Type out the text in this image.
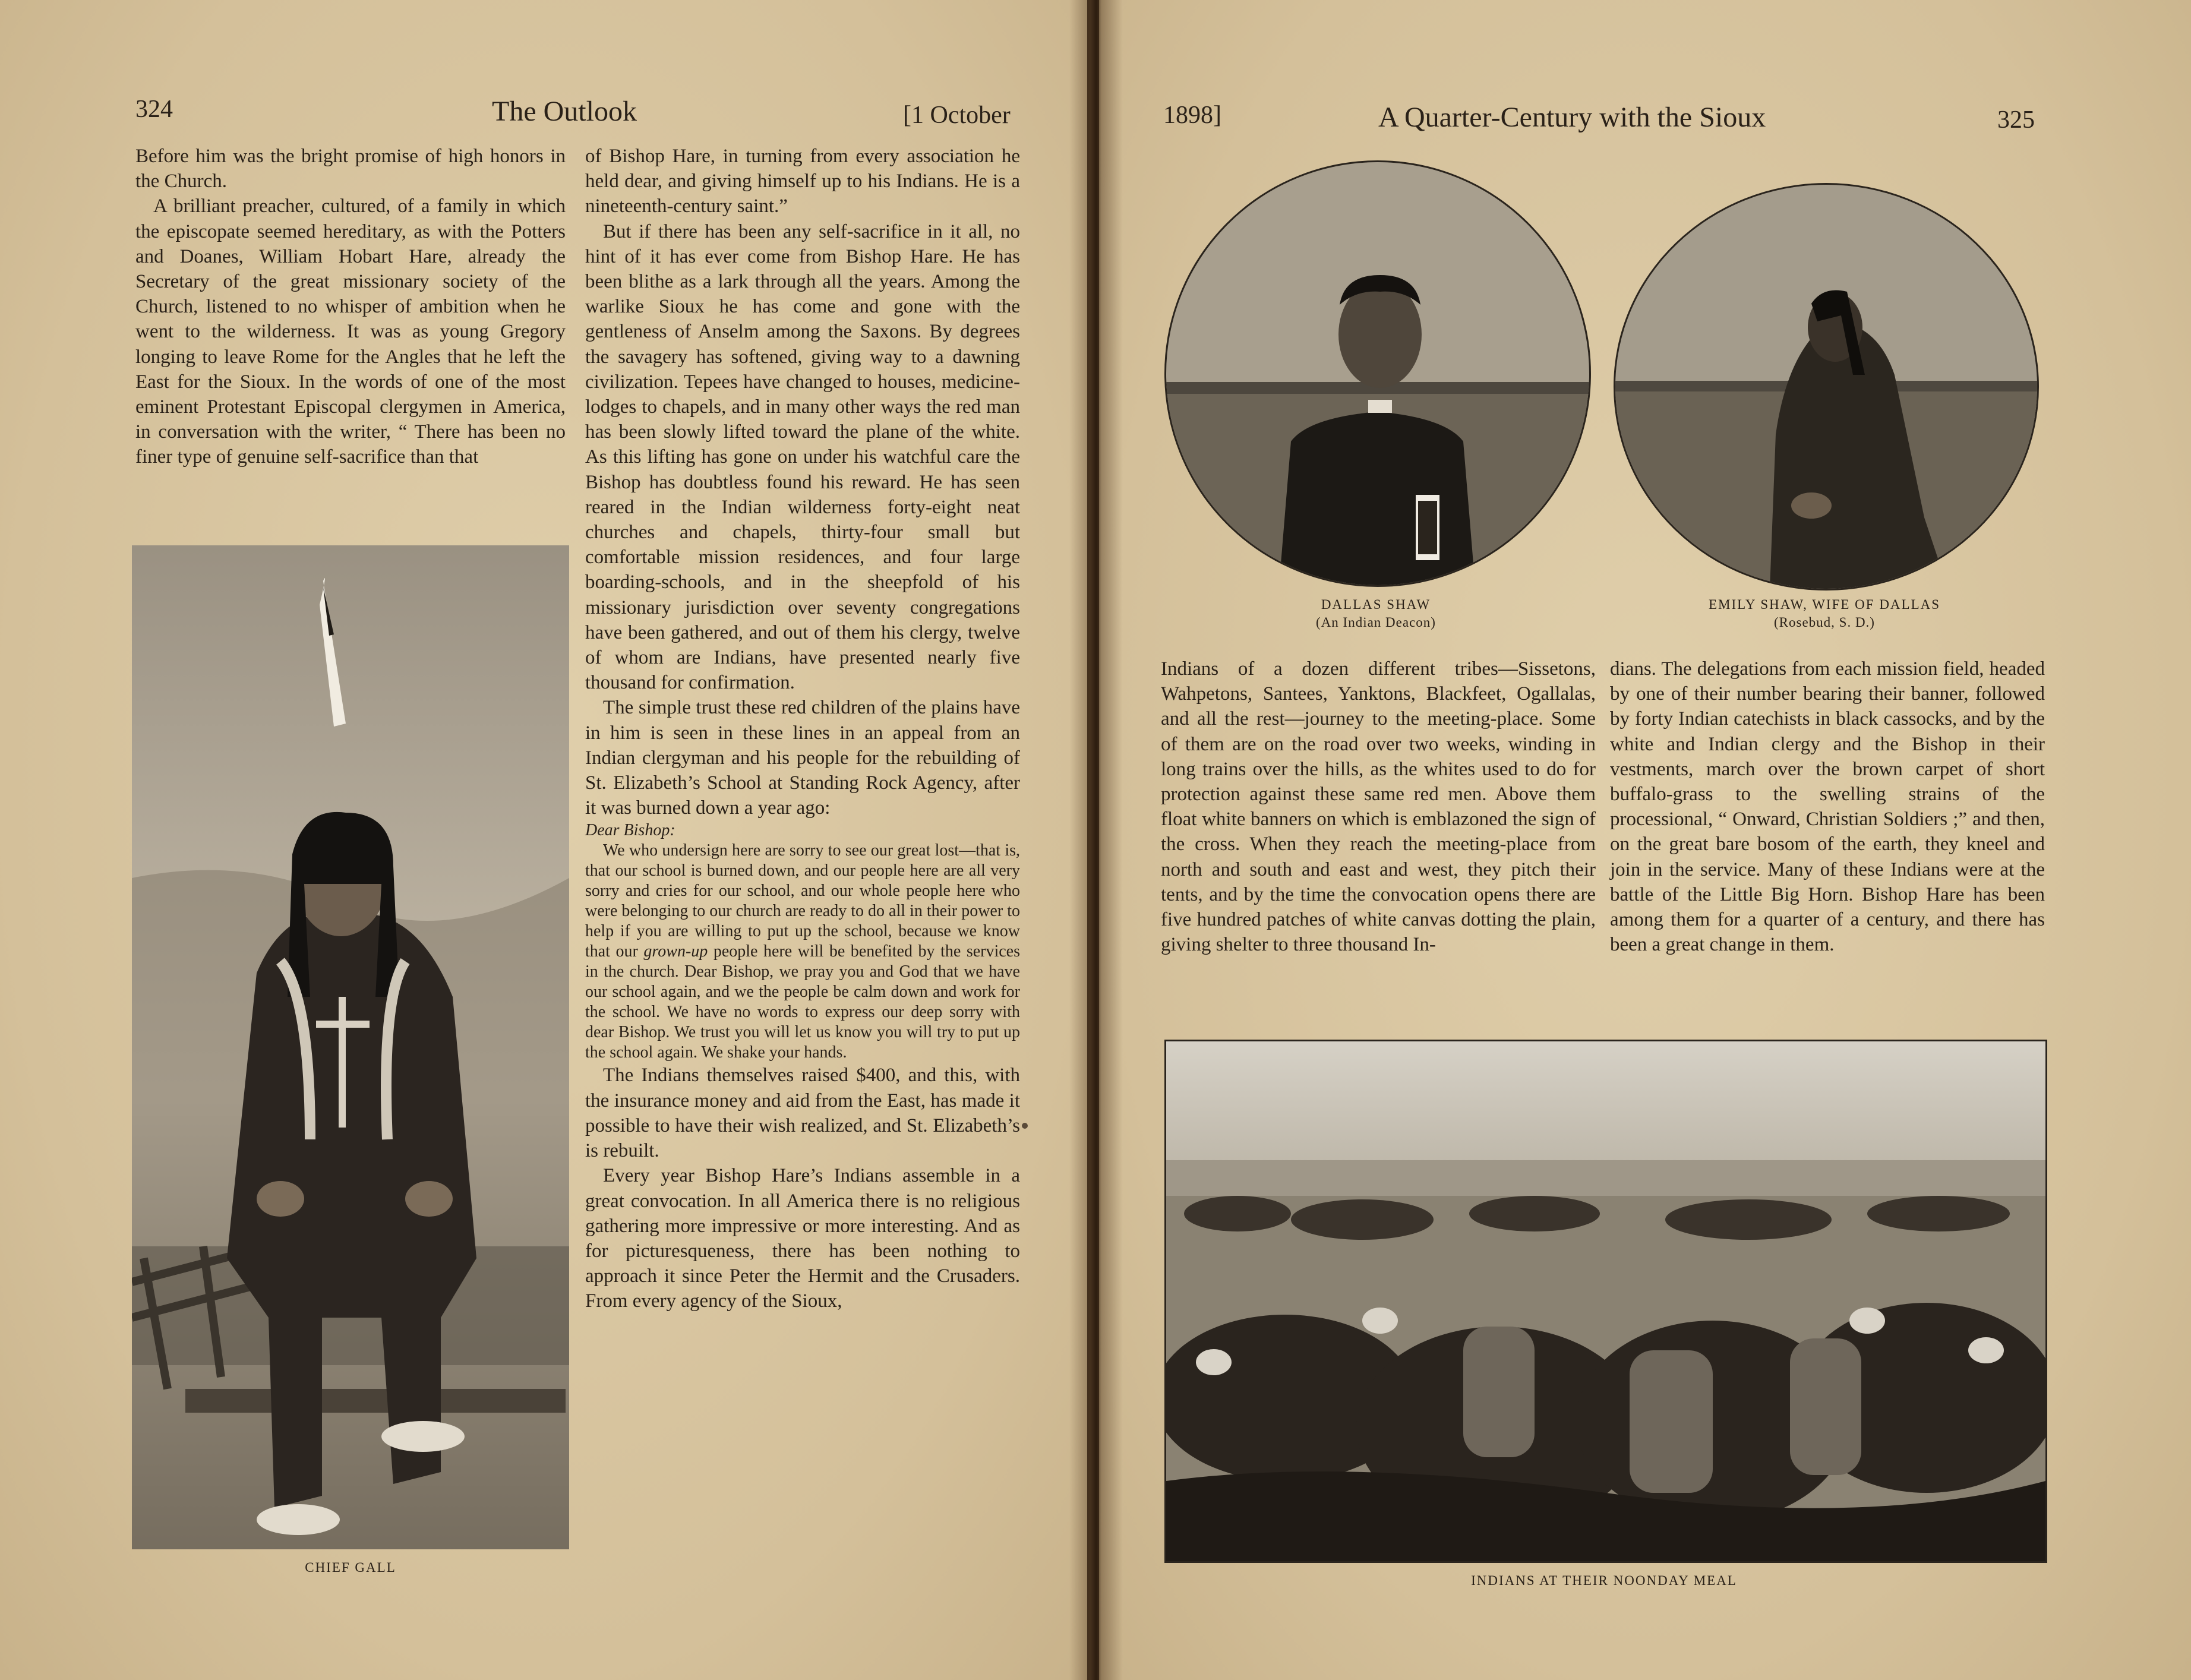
324	The Outlook	[1 October

Before him was the bright promise of high honors in the Church.

A brilliant preacher, cultured, of a family in which the episcopate seemed hereditary, as with the Potters and Doanes, William Hobart Hare, already the Secretary of the great missionary society of the Church, listened to no whisper of ambition when he went to the wilderness. It was as young Gregory longing to leave Rome for the Angles that he left the East for the Sioux. In the words of one of the most eminent Protestant Episcopal clergymen in America, in conversation with the writer, “ There has been no finer type of genuine self-sacrifice than that

CHIEF GALL

of Bishop Hare, in turning from every association he held dear, and giving himself up to his Indians. He is a nineteenth-century saint.”

But if there has been any self-sacrifice in it all, no hint of it has ever come from Bishop Hare. He has been blithe as a lark through all the years. Among the warlike Sioux he has come and gone with the gentleness of Anselm among the Saxons. By degrees the savagery has softened, giving way to a dawning civilization. Tepees have changed to houses, medicine-lodges to chapels, and in many other ways the red man has been slowly lifted toward the plane of the white. As this lifting has gone on under his watchful care the Bishop has doubtless found his reward. He has seen reared in the Indian wilderness forty-eight neat churches and chapels, thirty-four small but comfortable mission residences, and four large boarding-schools, and in the sheepfold of his missionary jurisdiction over seventy congregations have been gathered, and out of them his clergy, twelve of whom are Indians, have presented nearly five thousand for confirmation.

The simple trust these red children of the plains have in him is seen in these lines in an appeal from an Indian clergyman and his people for the rebuilding of St. Elizabeth’s School at Standing Rock Agency, after it was burned down a year ago:

Dear Bishop:

We who undersign here are sorry to see our great lost—that is, that our school is burned down, and our people here are all very sorry and cries for our school, and our whole people here who were belonging to our church are ready to do all in their power to help if you are willing to put up the school, because we know that our grown-up people here will be benefited by the services in the church. Dear Bishop, we pray you and God that we have our school again, and we the people be calm down and work for the school. We have no words to express our deep sorry with dear Bishop. We trust you will let us know you will try to put up the school again. We shake your hands.

The Indians themselves raised $400, and this, with the insurance money and aid from the East, has made it possible to have their wish realized, and St. Elizabeth’s is rebuilt.

Every year Bishop Hare’s Indians assemble in a great convocation. In all America there is no religious gathering more impressive or more interesting. And as for picturesqueness, there has been nothing to approach it since Peter the Hermit and the Crusaders. From every agency of the Sioux,

1898]	A Quarter-Century with the Sioux	325
DALLAS SHAW
(An Indian Deacon)
EMILY SHAW, WIFE OF DALLAS
(Rosebud, S. D.)

Indians of a dozen different tribes—Sissetons, Wahpetons, Santees, Yanktons, Blackfeet, Ogallalas, and all the rest—journey to the meeting-place. Some of them are on the road over two weeks, winding in long trains over the hills, as the whites used to do for protection against these same red men. Above them float white banners on which is emblazoned the sign of the cross. When they reach the meeting-place from north and south and east and west, they pitch their tents, and by the time the convocation opens there are five hundred patches of white canvas dotting the plain, giving shelter to three thousand In-

dians. The delegations from each mission field, headed by one of their number bearing their banner, followed by forty Indian catechists in black cassocks, and by the white and Indian clergy and the Bishop in their vestments, march over the brown carpet of short buffalo-grass to the swelling strains of the processional, “ Onward, Christian Soldiers ;” and then, on the great bare bosom of the earth, they kneel and join in the service. Many of these Indians were at the battle of the Little Big Horn. Bishop Hare has been among them for a quarter of a century, and there has been a great change in them.

INDIANS AT THEIR NOONDAY MEAL
